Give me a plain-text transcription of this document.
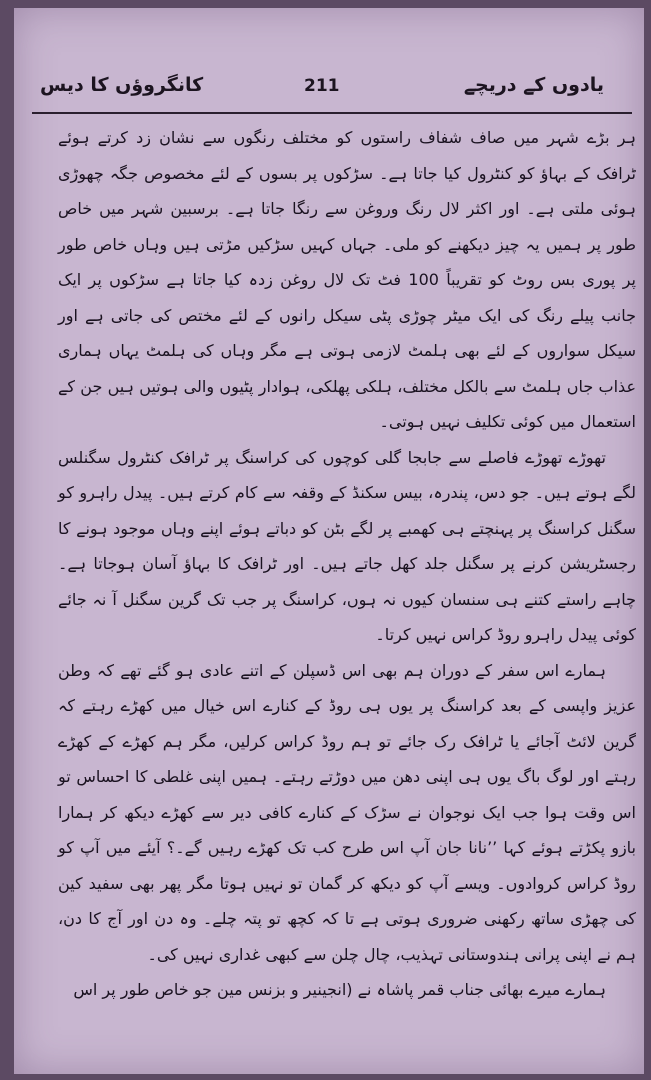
یادوں کے دریچے
211
کانگروؤں کا دیس

ہر بڑے شہر میں صاف شفاف راستوں کو مختلف رنگوں سے نشان زد کرتے ہوئے ٹرافک کے بہاؤ کو کنٹرول کیا جاتا ہے۔ سڑکوں پر بسوں کے لئے مخصوص جگہ چھوڑی ہوئی ملتی ہے۔ اور اکثر لال رنگ وروغن سے رنگا جاتا ہے۔ برسبین شہر میں خاص طور پر ہمیں یہ چیز دیکھنے کو ملی۔ جہاں کہیں سڑکیں مڑتی ہیں وہاں خاص طور پر پوری بس روٹ کو تقریباً 100 فٹ تک لال روغن زدہ کیا جاتا ہے سڑکوں پر ایک جانب پیلے رنگ کی ایک میٹر چوڑی پٹی سیکل رانوں کے لئے مختص کی جاتی ہے اور سیکل سواروں کے لئے بھی ہلمٹ لازمی ہوتی ہے مگر وہاں کی ہلمٹ یہاں ہماری عذاب جاں ہلمٹ سے بالکل مختلف، ہلکی پھلکی، ہوادار پٹیوں والی ہوتیں ہیں جن کے استعمال میں کوئی تکلیف نہیں ہوتی۔

تھوڑے تھوڑے فاصلے سے جابجا گلی کوچوں کی کراسنگ پر ٹرافک کنٹرول سگنلس لگے ہوتے ہیں۔ جو دس، پندرہ، بیس سکنڈ کے وقفہ سے کام کرتے ہیں۔ پیدل راہرو کو سگنل کراسنگ پر پہنچتے ہی کھمبے پر لگے بٹن کو دباتے ہوئے اپنے وہاں موجود ہونے کا رجسٹریشن کرنے پر سگنل جلد کھل جاتے ہیں۔ اور ٹرافک کا بہاؤ آسان ہوجاتا ہے۔ چاہے راستے کتنے ہی سنسان کیوں نہ ہوں، کراسنگ پر جب تک گرین سگنل آ نہ جائے کوئی پیدل راہرو روڈ کراس نہیں کرتا۔

ہمارے اس سفر کے دوران ہم بھی اس ڈسپلن کے اتنے عادی ہو گئے تھے کہ وطن عزیز واپسی کے بعد کراسنگ پر یوں ہی روڈ کے کنارے اس خیال میں کھڑے رہتے کہ گرین لائٹ آجائے یا ٹرافک رک جائے تو ہم روڈ کراس کرلیں، مگر ہم کھڑے کے کھڑے رہتے اور لوگ باگ یوں ہی اپنی دھن میں دوڑتے رہتے۔ ہمیں اپنی غلطی کا احساس تو اس وقت ہوا جب ایک نوجوان نے سڑک کے کنارے کافی دیر سے کھڑے دیکھ کر ہمارا بازو پکڑتے ہوئے کہا ’’نانا جان آپ اس طرح کب تک کھڑے رہیں گے۔؟ آیئے میں آپ کو روڈ کراس کروادوں۔ ویسے آپ کو دیکھ کر گمان تو نہیں ہوتا مگر پھر بھی سفید کین کی چھڑی ساتھ رکھنی ضروری ہوتی ہے تا کہ کچھ تو پتہ چلے۔ وہ دن اور آج کا دن، ہم نے اپنی پرانی ہندوستانی تہذیب، چال چلن سے کبھی غداری نہیں کی۔

ہمارے میرے بھائی جناب قمر پاشاہ نے (انجینیر و بزنس مین جو خاص طور پر اس
